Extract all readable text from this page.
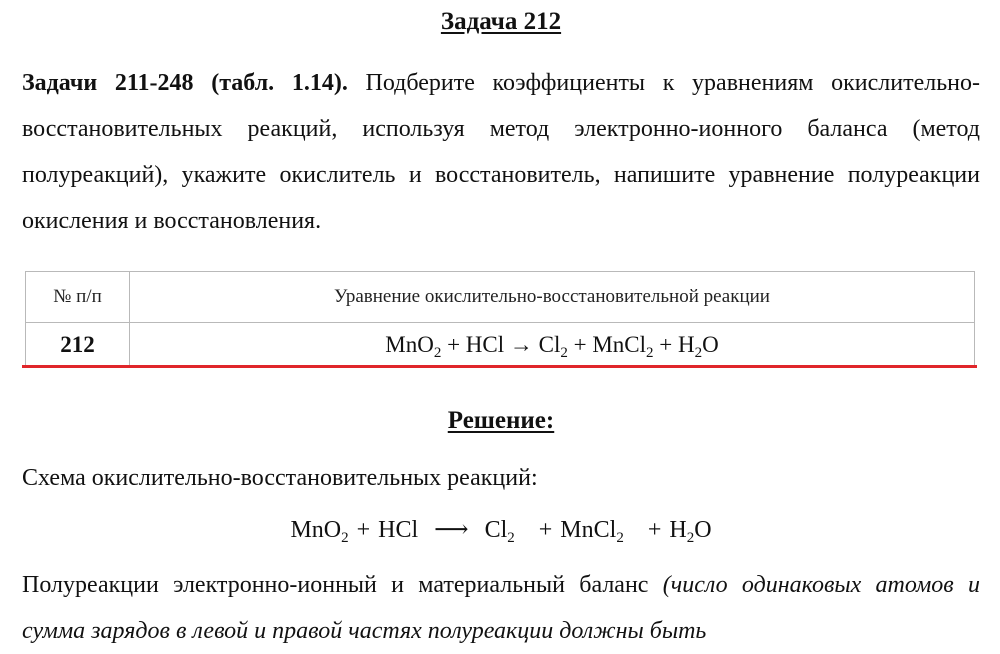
Задача 212
Задачи 211-248 (табл. 1.14). Подберите коэффициенты к уравнениям окислительно-восстановительных реакций, используя метод электронно-ионного баланса (метод полуреакций), укажите окислитель и восстановитель, напишите уравнение полуреакции окисления и восстановления.
№ п/п	Уравнение окислительно-восстановительной реакции
212	MnO$_2$ + HCl → $Cl_2$ + MnCl$_2$ + $H_2O$
Решение:
Схема окислительно-восстановительных реакций:
MnO$_2$ + HCl ⟶ $Cl_2$ + MnCl$_2$ + $H_2O$
Полуреакции электронно-ионный и материальный баланс (число одинаковых атомов и сумма зарядов в левой и правой частях полуреакции должны быть
